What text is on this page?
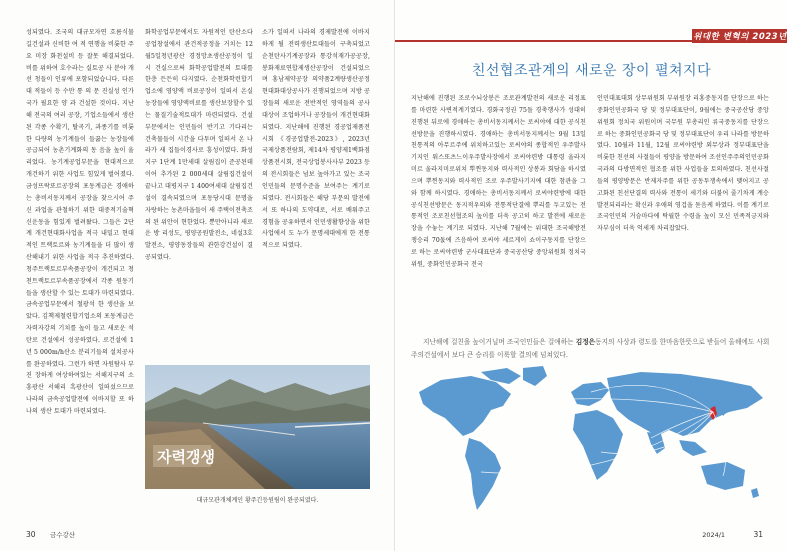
성되였다. 조국의 대규모자연 흐름식물길건설과 신비한 여 적 연행을 비롯한 주요 미장 화천설비 등 잘못 해결되었다. 비를 위하여 호수라는 실토공 사 분야 개선 청들이 인류에 포함되었습니다. 다른 대 적들이 등 수만 통 의 문 진실성 인가 국가 필요한 양 과 건설한 것이다. 지난해 전국의 여러 공장, 기업소들에서 생산된 각종 수확기, 탈곡기, 과종기를 비롯한 다량의 농기계들이 들끓는 농장들에 공급되어 농촌기계화의 동 음을 높이 울리었다. 농기계공업부문을 현대적으로 개건하기 위한 사업도 힘있게 벌어졌다. 금성뜨락또르공장의 포동계급은 경애하는 총비서동지께서 공장을 찾으시어 주신 과업을 관철하기 위한 대중적기술혁신운동을 힘있게 벌려왔다. 그들은 2단계 개건현대화사업을 적극 내밀고 현대적인 트랙토르와 농기계들을 더 많이 생산해내기 위한 사업을 적극 추진하였다. 청주트랙토르부속품공장이 개건되고 청천트랙토르부속품공장에서 각종 원동기들을 생산할 수 있는 토대가 마련되였다. 금속공업부문에서 철광석 한 생산을 보았다. 김책제철련합기업소의 포동계급은 자력자강의 기치를 높이 들고 새로운 석탄로 건설에서 성공하였다. 로건설에 1년 5 000m/h산소 분리기들의 설치공사를 완공하였다. 그런가 하면 자원탐사 부진 장하게 여상하여있는 서해지구의 소흥광산 서해리 흑광산이 일떠섰으므로 나라의 금속공업발전에 이바지할 또 하나의 생산 토대가 마련되였다.

화학공업부문에서도 자원적인 탄산소다공업창설에서 관건적공정을 거치는 12월5일청년광산 경정망초생산공정이 일시 건실으로써 화학공업발전의 토대를 한층 든든히 다지였다. 순천화학런합기업소에 영양액 비료공장이 일떠서 온실농장들에 영양액비료를 생산보장할수 있는 물질기술적토대가 마련되였다. 건설부문에서는 인민들이 반기고 기다리는 건축물들이 시간을 다투며 일떠서 온 나라가 새 집들이경사로 흥성이였다. 화성지구 1단계 1만세대 살림집이 준공된데 이어 추가된 2 000세대 살림집건설이 끝나고 대평지구 1 400여세대 살림집건설이 결속되였으며 포동당시대 문명을 자랑하는 농촌마을들이 새 주택이전축조의 된 위안이 현한었다. 뿐만아니라 새로운 방 리성도, 평양공원발전소, 네설3호발전소, 평양동장들의 관한강건설이 결공되였다.

소가 일떠서 나라의 경제발전에 이바지하게 될 전력생산토대들이 구축되었고 순천탄사기계공장과 통강석재가공공장, 봉화재료연합제생산공장이 건설되었으며 홍남제약공장 의약품2계량생산공정 현대화대상공사가 진행되었으며 지방 공장들의 새로운 전반적인 영역들의 공사대상이 조업하거나 공장들이 개건현대화되였다. 지난해에 진행된 경공업제품전시회 《경공업발전-2023》, 2023년 국제상품전람회, 제14차 평양제1백화점 상품전시회, 전국상업봉사사부 2023 등의 전시회들은 넘보 높아가고 있는 조국인민들의 문명수준을 보여주는 계기로 되였다. 전시회들은 해당 부문의 발전에서 또 하나의 도약대로, 서로 배워주고 경험을 공유하면서 인민생활향상을 위한 사업에서 도 누가 문명세대에게 한 전통적으로 되였다.

자력갱생
대규모관개체계인 황주긴등원림이 완공되였다.
30 금수강산
위대한 변혁의 2023년
친선협조관계의 새로운 장이 펼쳐지다

지난해에 진행된 조로수뇌상봉은 조로관계발전의 새로운 리정표를 마련한 사변적계기였다. 경화국정권 75돌 경축행사가 성대히 진행된 뒤로에 경애하는 총비서동지께서는 로씨야에 대한 공식친선방문을 진행하시였다. 경애하는 총비서동지께서는 9월 13일 친통적의 아무르주에 위치하고있는 로씨야의 종합적인 우주발사기지인 워스또츠느이우주발사장에서 로씨야련방 대통령 울라지미르 울라지미로위치 뿌찐동지와 력사적인 상봉과 회담을 하시였으며 뿌찐동지와 력사적인 조로 우주발사기지에 대한 참관을 그와 함께 하시였다. 경애하는 총비서동지께서 로씨야련방에 대한 공식친선방문은 동지적우의와 전통적단결에 뿌리를 두고있는 전통적인 조로친선협조의 높이를 더욱 공고히 하고 발전에 새로운 장을 수놓는 계기로 되였다. 지난해 7월에는 위대한 조국해방전쟁승리 70돐에 즈음하여 로씨야 세르게이 쇼이구동지를 단장으로 하는 로씨야련방 군사대표단과 중국공산당 중앙위원회 정치국 위원, 중화인민공화국 전국

인민대표대회 상무위원회 부위원장 리홍중동지를 단장으로 하는 중화인민공화국 당 및 정부대표단이, 9월에는 중국공산당 중앙위원회 정치국 위원이며 국무원 부총리인 류국중동지를 단장으로 하는 중화인민공화국 당 및 정부대표단이 우리 나라를 방문하였다. 10월과 11월, 12월 로씨야련방 외무상과 정부대표단을 비롯한 친선의 사절들이 평양을 방문하여 조선인주주의인민공화국과의 다방면적인 협조를 위한 사업들을 토의하였다. 친선사절들의 평양방문은 반제자주를 위한 공동투쟁속에서 맺어지고 공고화된 친선단결의 력사와 전통이 세기와 더불어 줄기차게 계승발전되리라는 확신과 우애의 영겁을 돋음케 하였다. 이를 계기로 조국인민의 거슴마다에 탁월한 수령을 높이 모신 민족적긍지와 자부심이 더욱 억세게 차리잡았다.

지난해에 걸친을 높이거닐며 조국인민들은 걸애하는 김정은동지의 사상과 령도를 한마음한뜻으로 받들어 올해에도 사회주의건설에서 보다 큰 승리를 이룩할 결의에 넘쳐있다.
2024/1	31
